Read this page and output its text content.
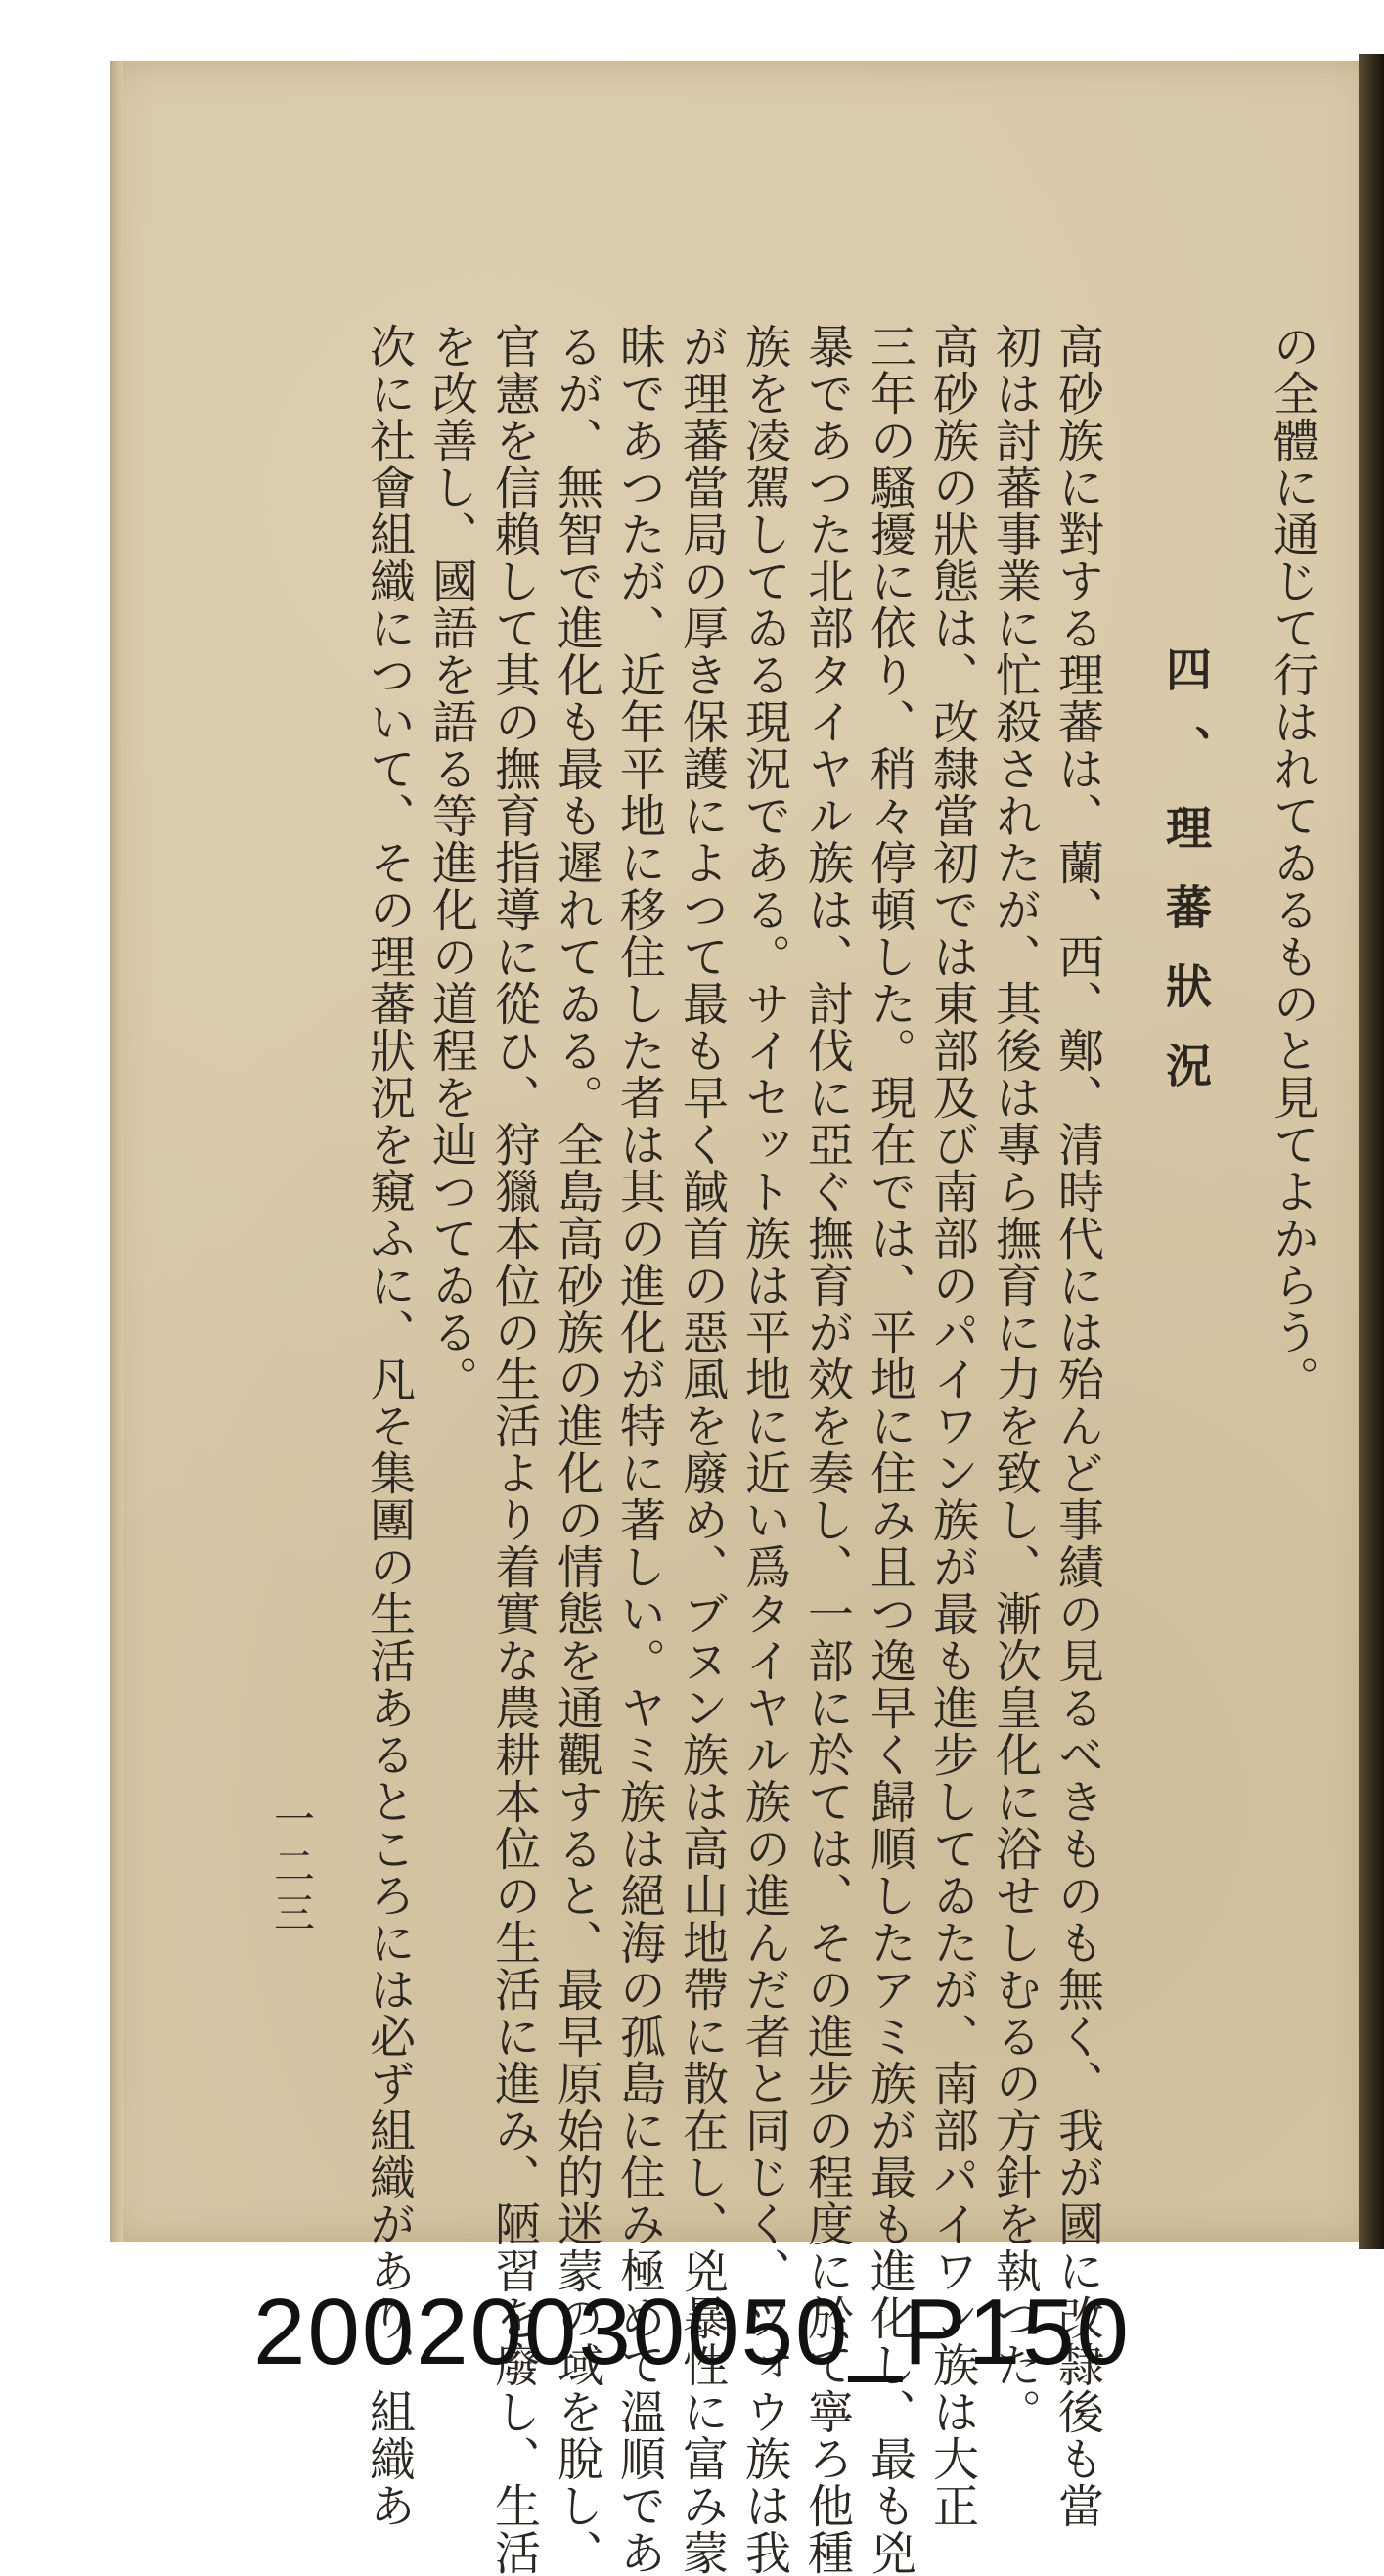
の全體に通じて行はれてゐるものと見てよからう。
四、理蕃狀況
高砂族に對する理蕃は、蘭、西、鄭、清時代には殆んど事績の見るべきものも無く、我が國に改隸後も當
初は討蕃事業に忙殺されたが、其後は專ら撫育に力を致し、漸次皇化に浴せしむるの方針を執つた。
高砂族の狀態は、改隸當初では東部及び南部のパイワン族が最も進步してゐたが、南部パイワン族は大正
三年の騷擾に依り、稍々停頓した。現在では、平地に住み且つ逸早く歸順したアミ族が最も進化し、最も兇
暴であつた北部タイヤル族は、討伐に亞ぐ撫育が效を奏し、一部に於ては、その進步の程度に於て寧ろ他種
族を凌駕してゐる現況である。サイセット族は平地に近い爲タイヤル族の進んだ者と同じく、ツォウ族は我
が理蕃當局の厚き保護によつて最も早く馘首の惡風を廢め、ブヌン族は高山地帶に散在し、兇暴性に富み蒙
昧であつたが、近年平地に移住した者は其の進化が特に著しい。ヤミ族は絕海の孤島に住み極めて溫順であ
るが、無智で進化も最も遲れてゐる。全島高砂族の進化の情態を通觀すると、最早原始的迷蒙の域を脫し、
官憲を信賴して其の撫育指導に從ひ、狩獵本位の生活より着實な農耕本位の生活に進み、陋習を廢し、生活
を改善し、國語を語る等進化の道程を辿つてゐる。
次に社會組織について、その理蕃狀況を窺ふに、凡そ集團の生活あるところには必ず組織があり、組織あ
一二三
20020030050_P150
